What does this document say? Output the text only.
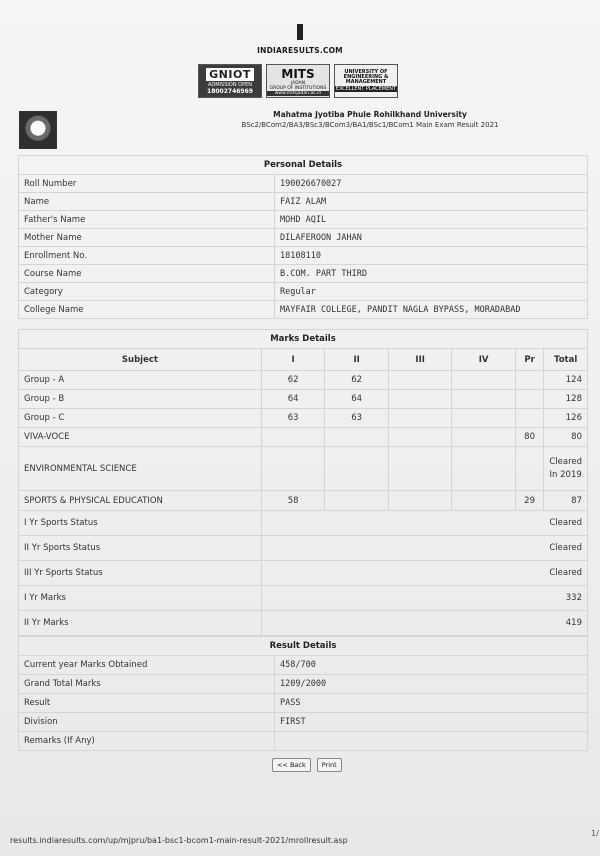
INDIARESULTS.COM
GNIOT
ADMISSION OPEN
18002746969
MITS
JADAN
GROUP OF INSTITUTIONS
www.mitsjadan.ac.in
UNIVERSITY OF
ENGINEERING &
MANAGEMENT
EXCELLENT PLACEMENT
Mahatma Jyotiba Phule Rohilkhand University
BSc2/BCom2/BA3/BSc3/BCom3/BA1/BSc1/BCom1 Main Exam Result 2021
Personal Details	
Roll Number	190026670027
Name	FAIZ ALAM
Father's Name	MOHD AQIL
Mother Name	DILAFEROON JAHAN
Enrollment No.	18108110
Course Name	B.COM. PART THIRD
Category	Regular
College Name	MAYFAIR COLLEGE, PANDIT NAGLA BYPASS, MORADABAD
Marks Details						
Subject	I	II	III	IV	Pr	Total
Group - A	62	62				124
Group - B	64	64				128
Group - C	63	63				126
VIVA-VOCE					80	80
ENVIRONMENTAL SCIENCE						Cleared In 2019
SPORTS & PHYSICAL EDUCATION	58				29	87
I Yr Sports Status	Cleared					
II Yr Sports Status	Cleared					
III Yr Sports Status	Cleared					
I Yr Marks	332					
II Yr Marks	419					
Result Details	
Current year Marks Obtained	458/700
Grand Total Marks	1209/2000
Result	PASS
Division	FIRST
Remarks (If Any)	
<< Back	Print
results.indiaresults.com/up/mjpru/ba1-bsc1-bcom1-main-result-2021/mrollresult.asp
1/
